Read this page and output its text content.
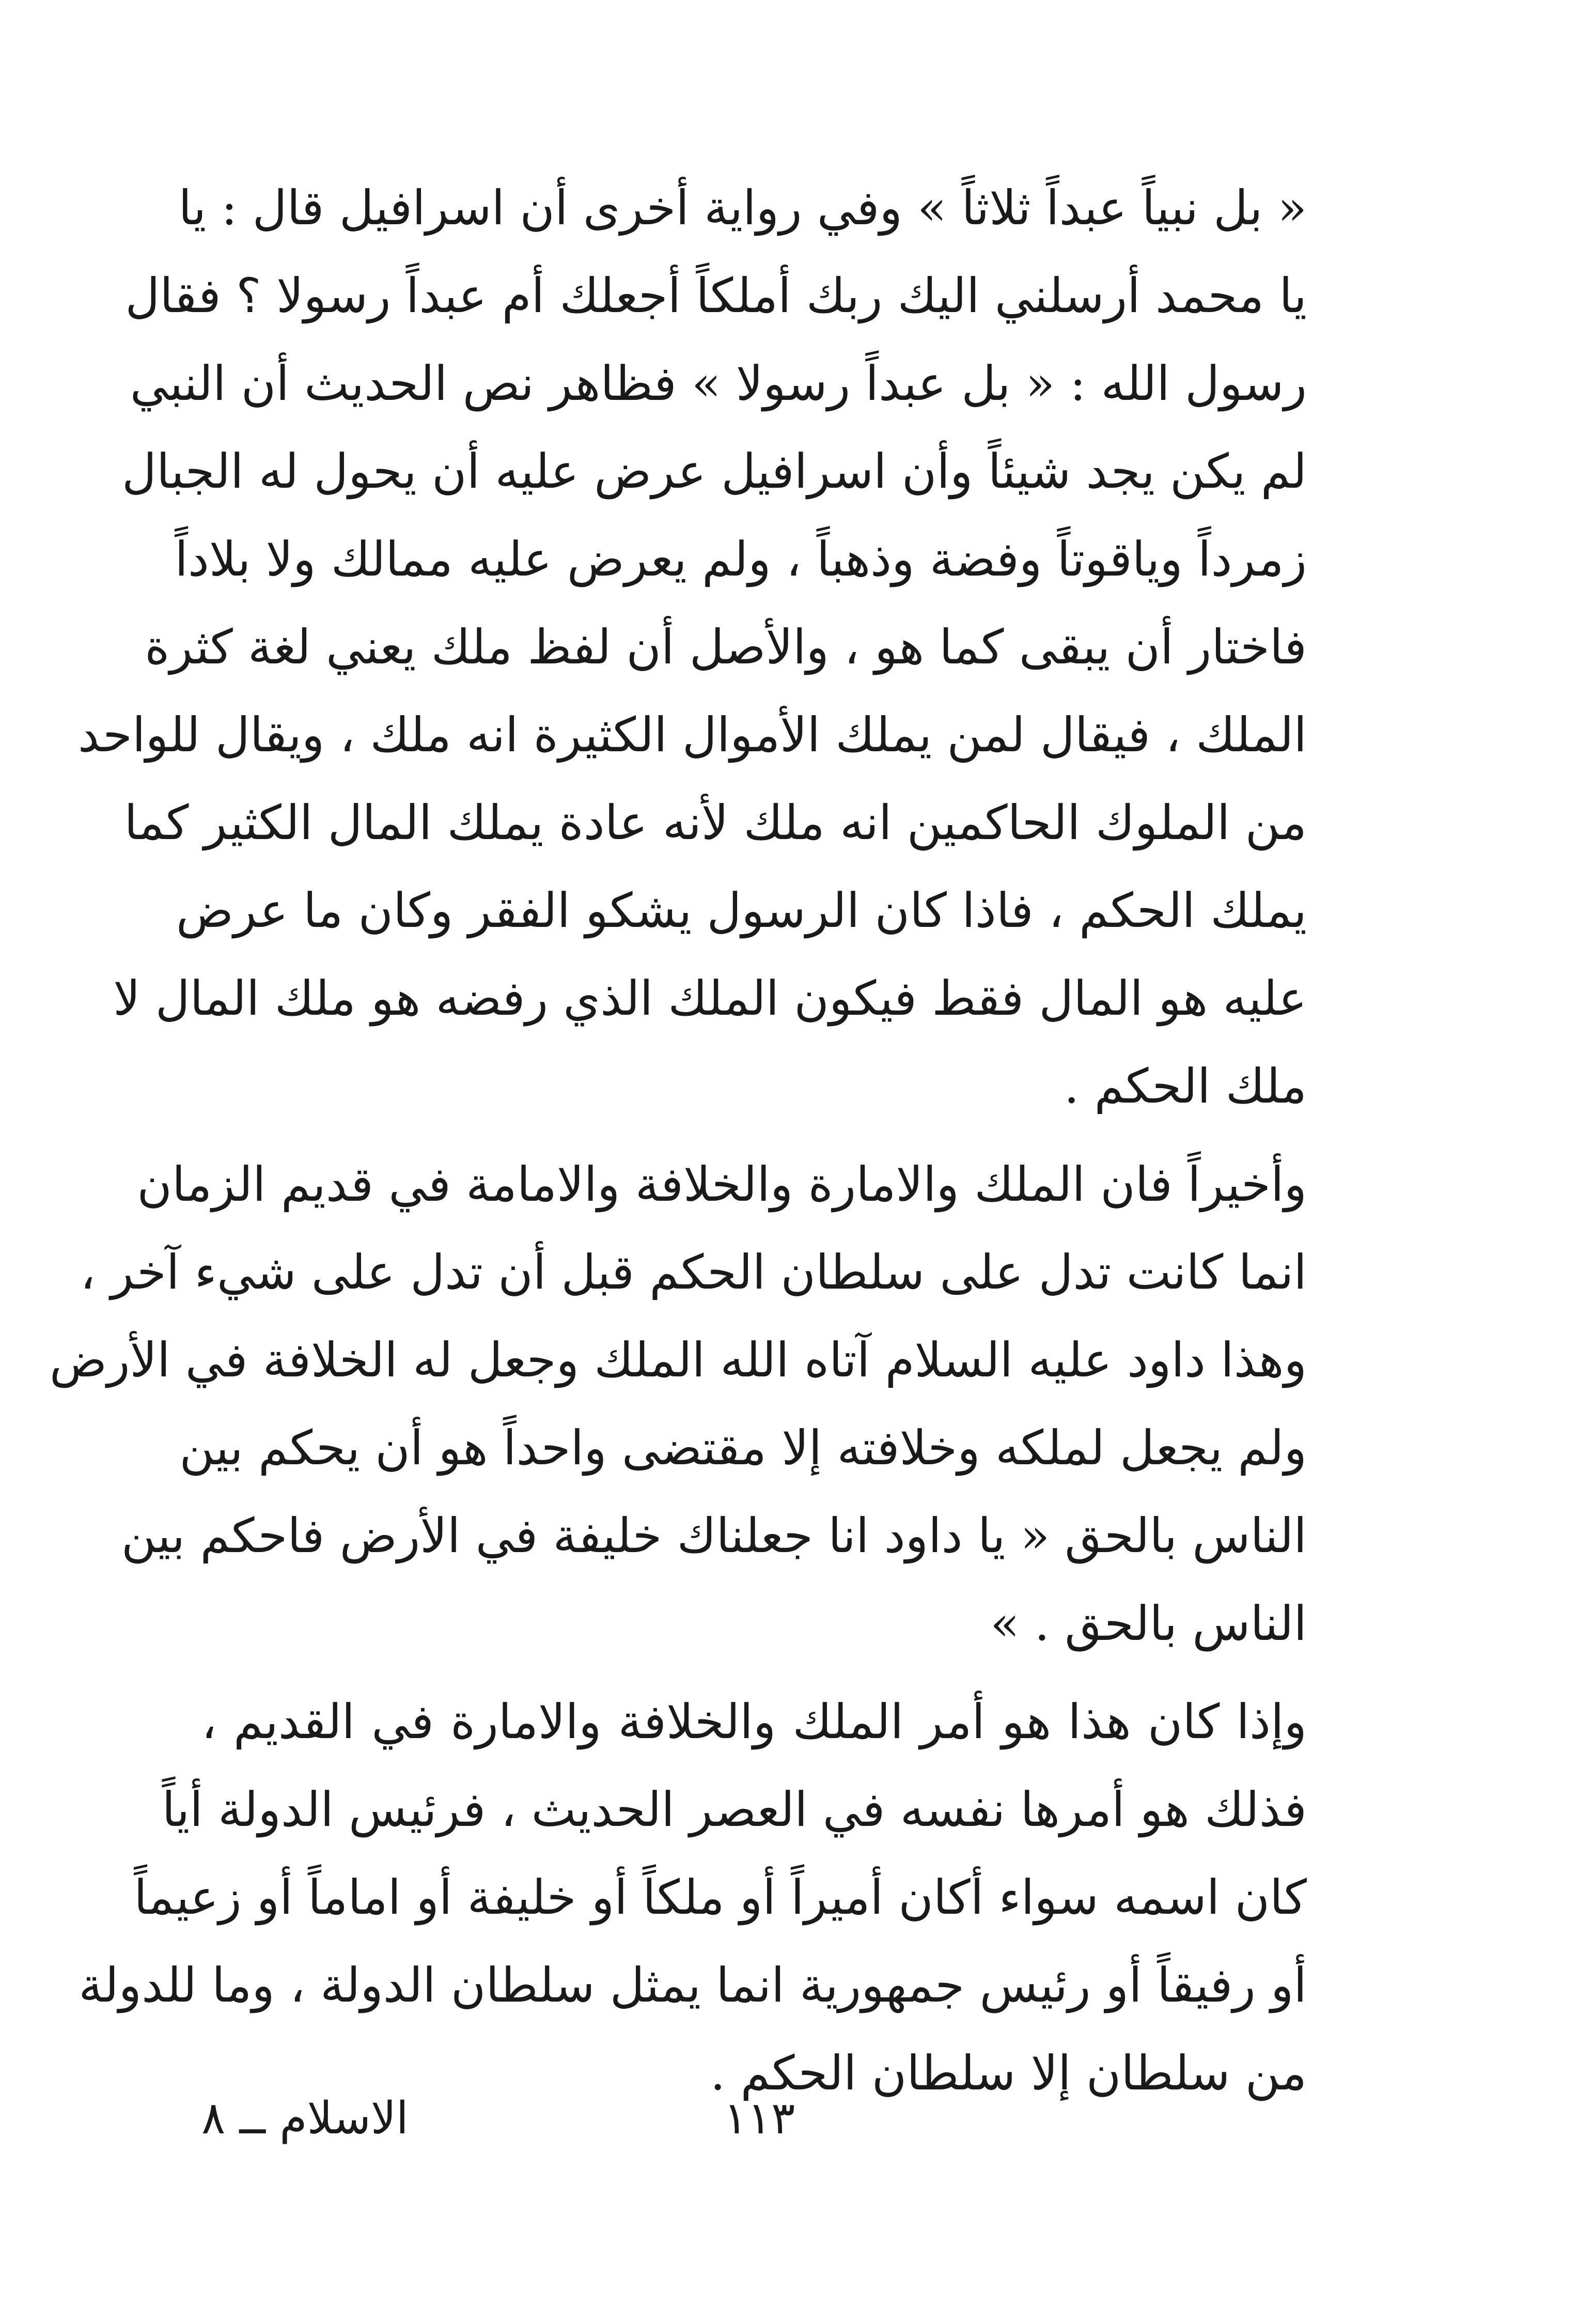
« بل نبياً عبداً ثلاثاً » وفي رواية أخرى أن اسرافيل قال : يا
يا محمد أرسلني اليك ربك أملكاً أجعلك أم عبداً رسولا ؟ فقال
رسول الله : « بل عبداً رسولا » فظاهر نص الحديث أن النبي
لم يكن يجد شيئاً وأن اسرافيل عرض عليه أن يحول له الجبال
زمرداً وياقوتاً وفضة وذهباً ، ولم يعرض عليه ممالك ولا بلاداً
فاختار أن يبقى كما هو ، والأصل أن لفظ ملك يعني لغة كثرة
الملك ، فيقال لمن يملك الأموال الكثيرة انه ملك ، ويقال للواحد
من الملوك الحاكمين انه ملك لأنه عادة يملك المال الكثير كما
يملك الحكم ، فاذا كان الرسول يشكو الفقر وكان ما عرض
عليه هو المال فقط فيكون الملك الذي رفضه هو ملك المال لا
ملك الحكم .
وأخيراً فان الملك والامارة والخلافة والامامة في قديم الزمان
انما كانت تدل على سلطان الحكم قبل أن تدل على شيء آخر ،
وهذا داود عليه السلام آتاه الله الملك وجعل له الخلافة في الأرض
ولم يجعل لملكه وخلافته إلا مقتضى واحداً هو أن يحكم بين
الناس بالحق « يا داود انا جعلناك خليفة في الأرض فاحكم بين
الناس بالحق . »
وإذا كان هذا هو أمر الملك والخلافة والامارة في القديم ،
فذلك هو أمرها نفسه في العصر الحديث ، فرئيس الدولة أياً
كان اسمه سواء أكان أميراً أو ملكاً أو خليفة أو اماماً أو زعيماً
أو رفيقاً أو رئيس جمهورية انما يمثل سلطان الدولة ، وما للدولة
من سلطان إلا سلطان الحكم .
١١٣
الاسلام ــ ٨
